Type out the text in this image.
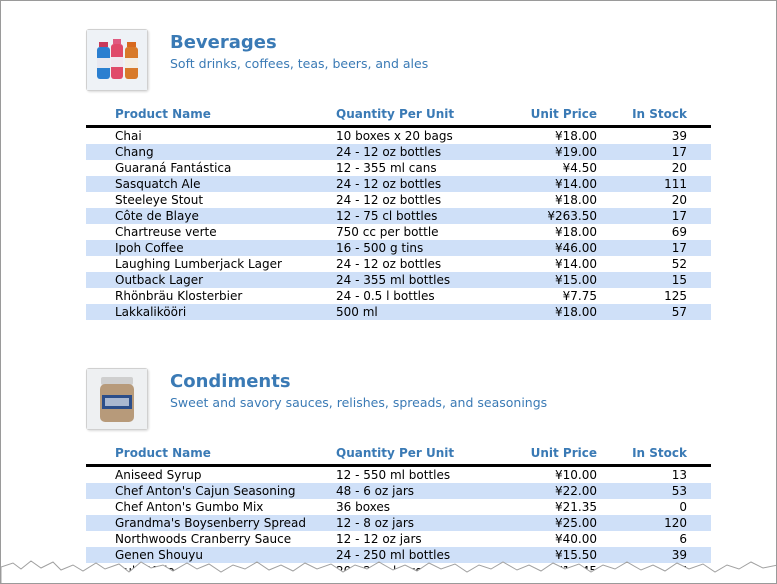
Beverages
Soft drinks, coffees, teas, beers, and ales
Product Name	Quantity Per Unit	Unit Price	In Stock
Chai	10 boxes x 20 bags	¥18.00	39
Chang	24 - 12 oz bottles	¥19.00	17
Guaraná Fantástica	12 - 355 ml cans	¥4.50	20
Sasquatch Ale	24 - 12 oz bottles	¥14.00	111
Steeleye Stout	24 - 12 oz bottles	¥18.00	20
Côte de Blaye	12 - 75 cl bottles	¥263.50	17
Chartreuse verte	750 cc per bottle	¥18.00	69
Ipoh Coffee	16 - 500 g tins	¥46.00	17
Laughing Lumberjack Lager	24 - 12 oz bottles	¥14.00	52
Outback Lager	24 - 355 ml bottles	¥15.00	15
Rhönbräu Klosterbier	24 - 0.5 l bottles	¥7.75	125
Lakkalikööri	500 ml	¥18.00	57
Condiments
Sweet and savory sauces, relishes, spreads, and seasonings
Product Name	Quantity Per Unit	Unit Price	In Stock
Aniseed Syrup	12 - 550 ml bottles	¥10.00	13
Chef Anton's Cajun Seasoning	48 - 6 oz jars	¥22.00	53
Chef Anton's Gumbo Mix	36 boxes	¥21.35	0
Grandma's Boysenberry Spread	12 - 8 oz jars	¥25.00	120
Northwoods Cranberry Sauce	12 - 12 oz jars	¥40.00	6
Genen Shouyu	24 - 250 ml bottles	¥15.50	39
